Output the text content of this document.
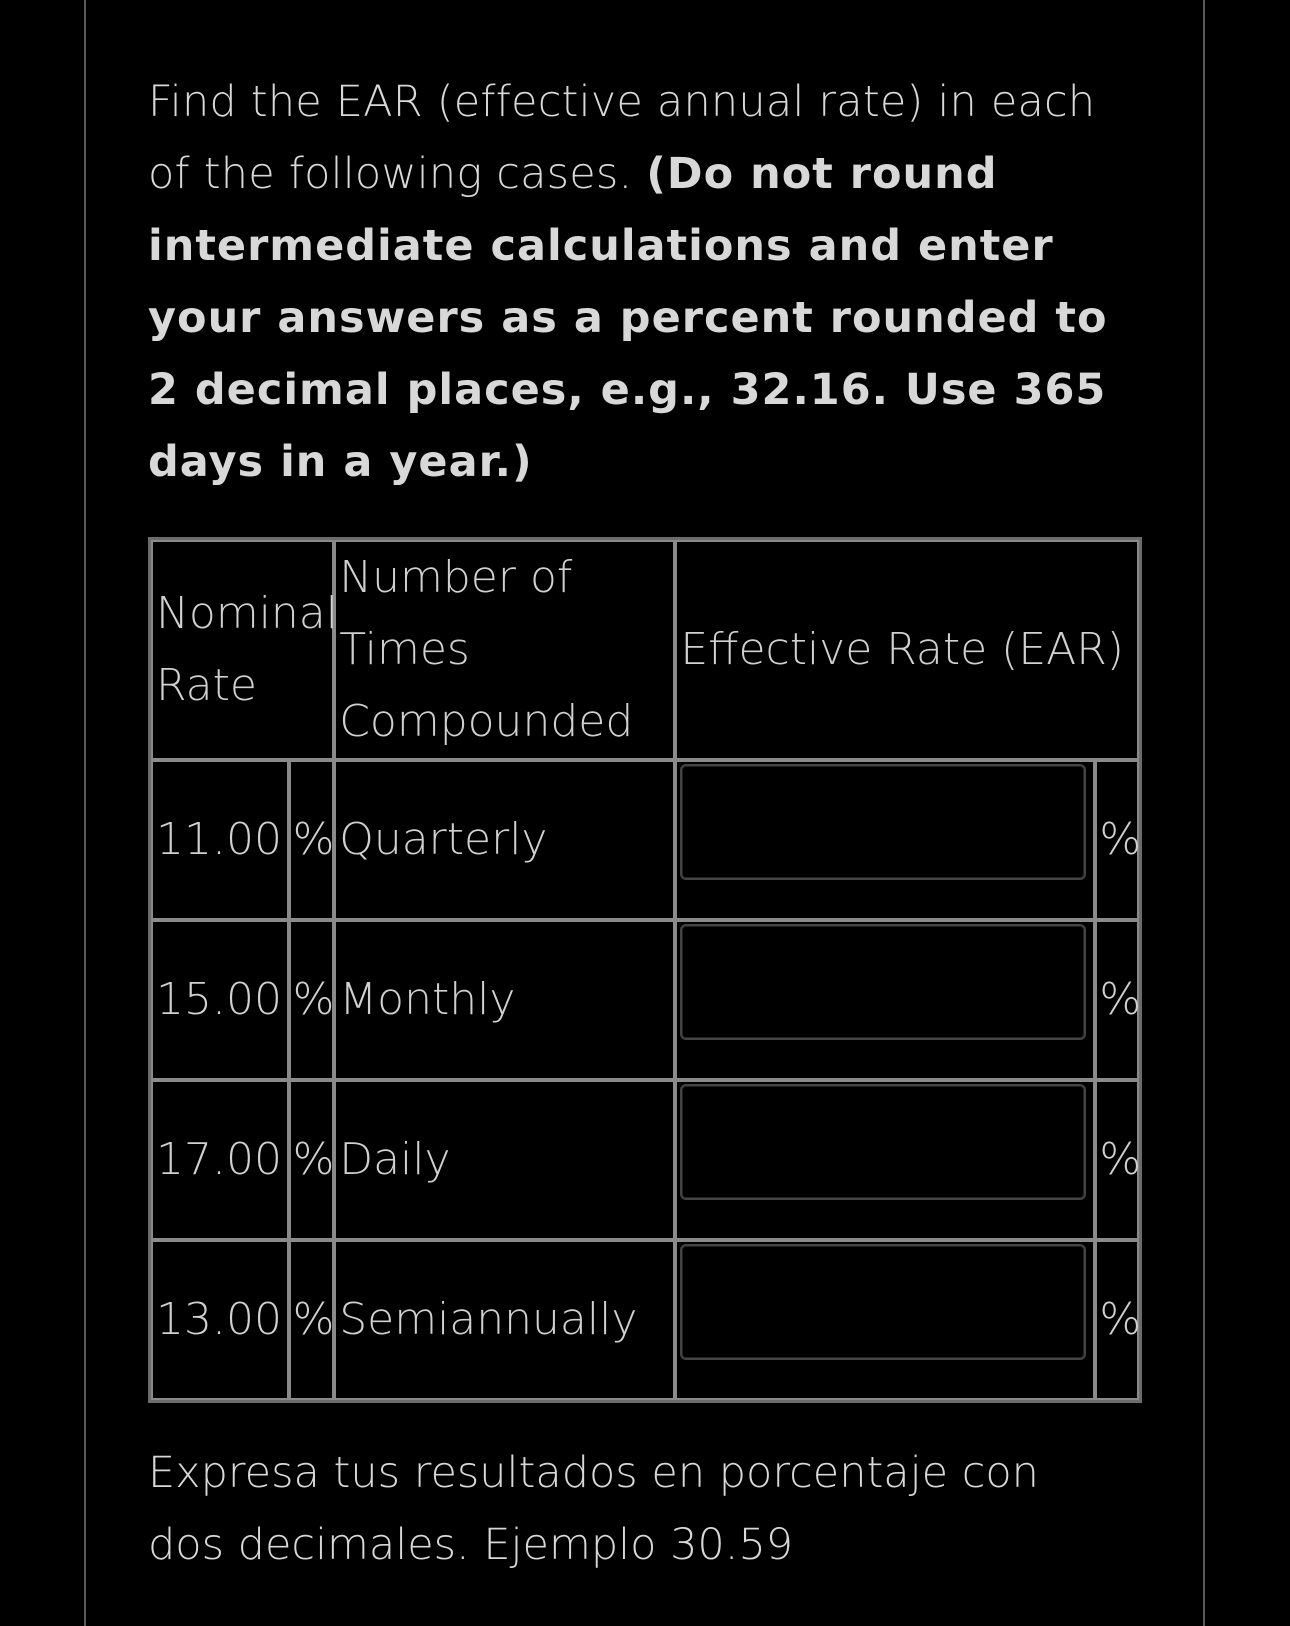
Find the EAR (effective annual rate) in each of the following cases. (Do not round intermediate calculations and enter your answers as a percent rounded to 2 decimal places, e.g., 32.16. Use 365 days in a year.)
Nominal Rate		Number of Times Compounded	Effective Rate (EAR)	
11.00	%	Quarterly		%
15.00	%	Monthly		%
17.00	%	Daily		%
13.00	%	Semiannually		%
Expresa tus resultados en porcentaje con dos decimales. Ejemplo 30.59
